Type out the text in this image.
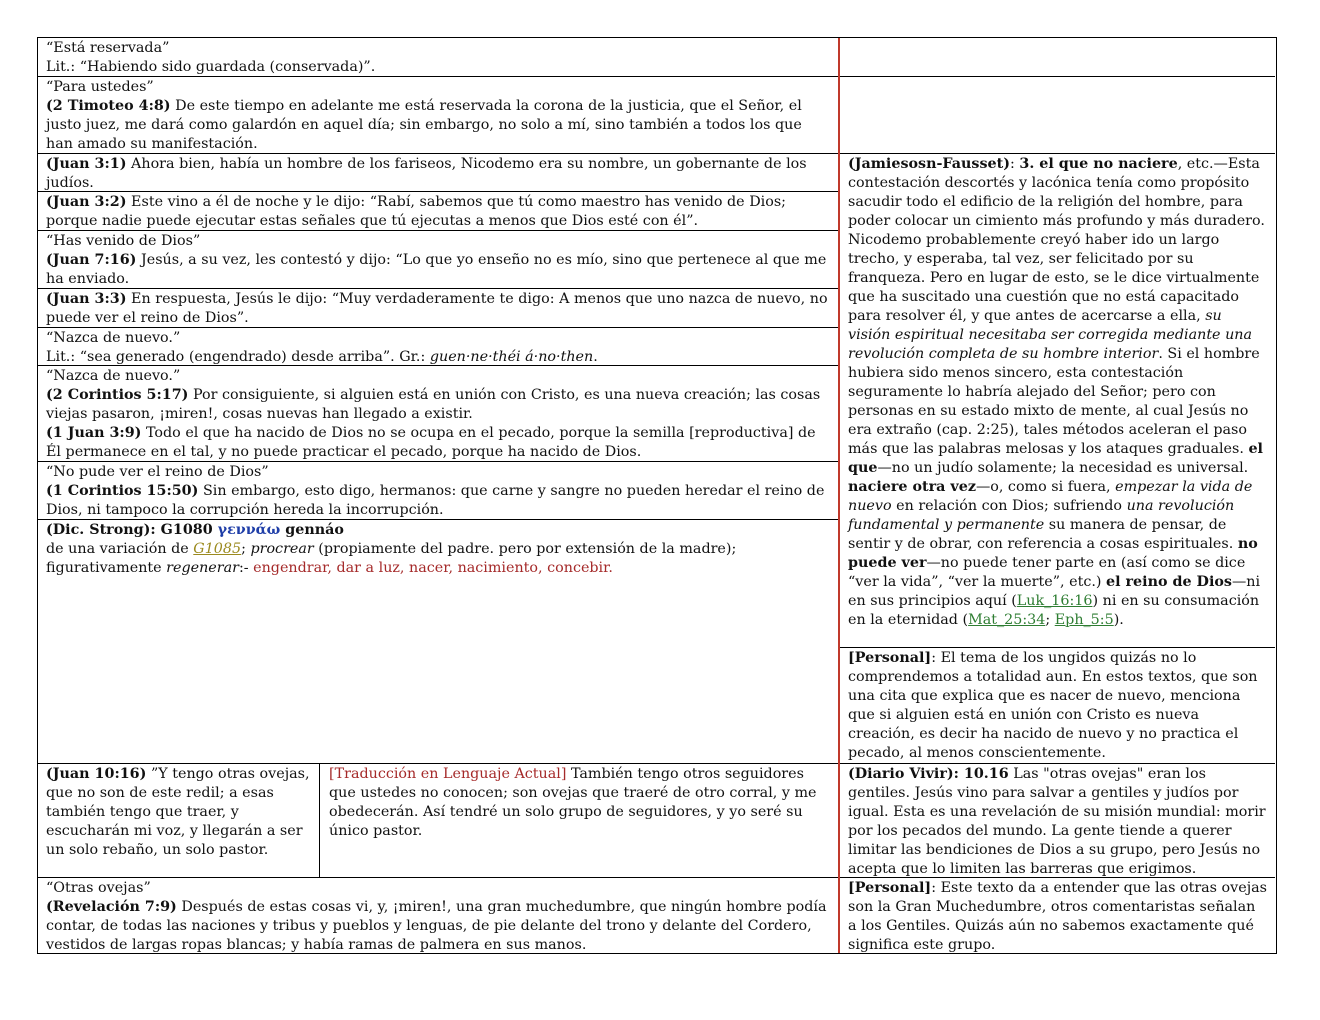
“Está reservada”
Lit.: “Habiendo sido guardada (conservada)”.
“Para ustedes”
(2 Timoteo 4:8) De este tiempo en adelante me está reservada la corona de la justicia, que el Señor, el justo juez, me dará como galardón en aquel día; sin embargo, no solo a mí, sino también a todos los que han amado su manifestación.
(Juan 3:1) Ahora bien, había un hombre de los fariseos, Nicodemo era su nombre, un gobernante de los judíos.
(Juan 3:2) Este vino a él de noche y le dijo: “Rabí, sabemos que tú como maestro has venido de Dios; porque nadie puede ejecutar estas señales que tú ejecutas a menos que Dios esté con él”.
“Has venido de Dios”
(Juan 7:16) Jesús, a su vez, les contestó y dijo: “Lo que yo enseño no es mío, sino que pertenece al que me ha enviado.
(Juan 3:3) En respuesta, Jesús le dijo: “Muy verdaderamente te digo: A menos que uno nazca de nuevo, no puede ver el reino de Dios”.
“Nazca de nuevo.”
Lit.: “sea generado (engendrado) desde arriba”. Gr.: guen·ne·théi á·no·then.
“Nazca de nuevo.”
(2 Corintios 5:17) Por consiguiente, si alguien está en unión con Cristo, es una nueva creación; las cosas viejas pasaron, ¡miren!, cosas nuevas han llegado a existir.
(1 Juan 3:9) Todo el que ha nacido de Dios no se ocupa en el pecado, porque la semilla [reproductiva] de Él permanece en el tal, y no puede practicar el pecado, porque ha nacido de Dios.
“No pude ver el reino de Dios”
(1 Corintios 15:50) Sin embargo, esto digo, hermanos: que carne y sangre no pueden heredar el reino de Dios, ni tampoco la corrupción hereda la incorrupción.
(Dic. Strong): G1080 γεννάω gennáo
de una variación de G1085; procrear (propiamente del padre. pero por extensión de la madre);
figurativamente regenerar:- engendrar, dar a luz, nacer, nacimiento, concebir.
(Jamiesosn-Fausset): 3. el que no naciere, etc.—Esta contestación descortés y lacónica tenía como propósito sacudir todo el edificio de la religión del hombre, para poder colocar un cimiento más profundo y más duradero. Nicodemo probablemente creyó haber ido un largo trecho, y esperaba, tal vez, ser felicitado por su franqueza. Pero en lugar de esto, se le dice virtualmente que ha suscitado una cuestión que no está capacitado para resolver él, y que antes de acercarse a ella, su visión espiritual necesitaba ser corregida mediante una revolución completa de su hombre interior. Si el hombre hubiera sido menos sincero, esta contestación seguramente lo habría alejado del Señor; pero con personas en su estado mixto de mente, al cual Jesús no era extraño (cap. 2:25), tales métodos aceleran el paso más que las palabras melosas y los ataques graduales. el que—no un judío solamente; la necesidad es universal. naciere otra vez—o, como si fuera, empezar la vida de nuevo en relación con Dios; sufriendo una revolución fundamental y permanente su manera de pensar, de sentir y de obrar, con referencia a cosas espirituales. no puede ver—no puede tener parte en (así como se dice “ver la vida”, “ver la muerte”, etc.) el reino de Dios—ni en sus principios aquí (Luk_16:16) ni en su consumación en la eternidad (Mat_25:34; Eph_5:5).
[Personal]: El tema de los ungidos quizás no lo comprendemos a totalidad aun. En estos textos, que son una cita que explica que es nacer de nuevo, menciona que si alguien está en unión con Cristo es nueva creación, es decir ha nacido de nuevo y no practica el pecado, al menos conscientemente.
(Juan 10:16) ”Y tengo otras ovejas, que no son de este redil; a esas también tengo que traer, y escucharán mi voz, y llegarán a ser un solo rebaño, un solo pastor.
[Traducción en Lenguaje Actual] También tengo otros seguidores que ustedes no conocen; son ovejas que traeré de otro corral, y me obedecerán. Así tendré un solo grupo de seguidores, y yo seré su único pastor.
(Diario Vivir): 10.16 Las "otras ovejas" eran los gentiles. Jesús vino para salvar a gentiles y judíos por igual. Esta es una revelación de su misión mundial: morir por los pecados del mundo. La gente tiende a querer limitar las bendiciones de Dios a su grupo, pero Jesús no acepta que lo limiten las barreras que erigimos.
“Otras ovejas”
(Revelación 7:9) Después de estas cosas vi, y, ¡miren!, una gran muchedumbre, que ningún hombre podía contar, de todas las naciones y tribus y pueblos y lenguas, de pie delante del trono y delante del Cordero, vestidos de largas ropas blancas; y había ramas de palmera en sus manos.
[Personal]: Este texto da a entender que las otras ovejas son la Gran Muchedumbre, otros comentaristas señalan a los Gentiles. Quizás aún no sabemos exactamente qué significa este grupo.
